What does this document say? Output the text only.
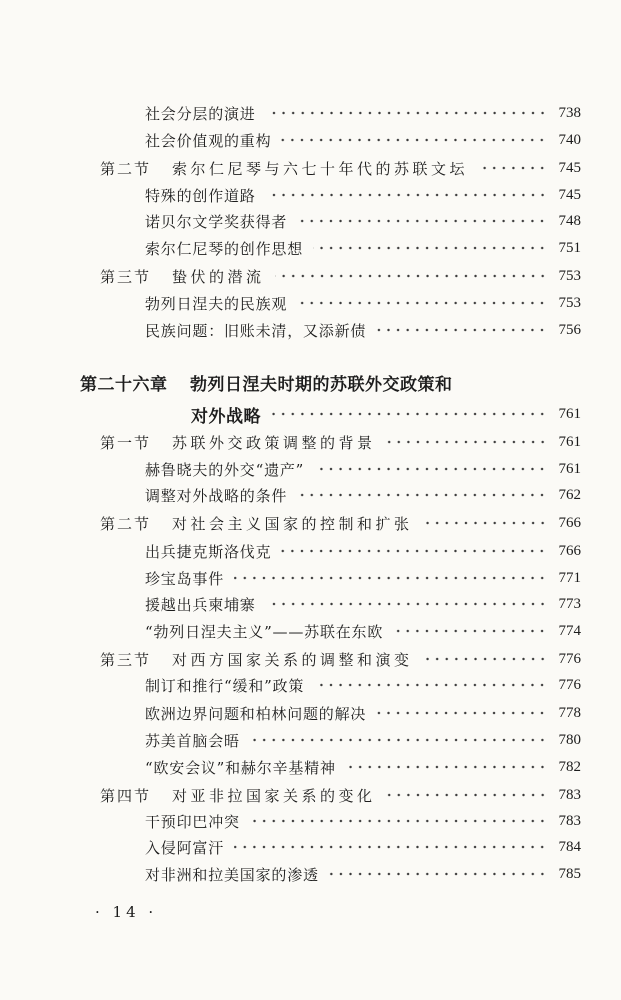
社会分层的演进	738
社会价值观的重构	740
第二节	索尔仁尼琴与六七十年代的苏联文坛	745
特殊的创作道路	745
诺贝尔文学奖获得者	748
索尔仁尼琴的创作思想	751
第三节	蛰伏的潜流	753
勃列日涅夫的民族观	753
民族问题：旧账未清，又添新债	756
第二十六章	勃列日涅夫时期的苏联外交政策和
对外战略	761
第一节	苏联外交政策调整的背景	761
赫鲁晓夫的外交“遗产”	761
调整对外战略的条件	762
第二节	对社会主义国家的控制和扩张	766
出兵捷克斯洛伐克	766
珍宝岛事件	771
援越出兵柬埔寨	773
“勃列日涅夫主义”——苏联在东欧	774
第三节	对西方国家关系的调整和演变	776
制订和推行“缓和”政策	776
欧洲边界问题和柏林问题的解决	778
苏美首脑会晤	780
“欧安会议”和赫尔辛基精神	782
第四节	对亚非拉国家关系的变化	783
干预印巴冲突	783
入侵阿富汗	784
对非洲和拉美国家的渗透	785
· 14 ·
